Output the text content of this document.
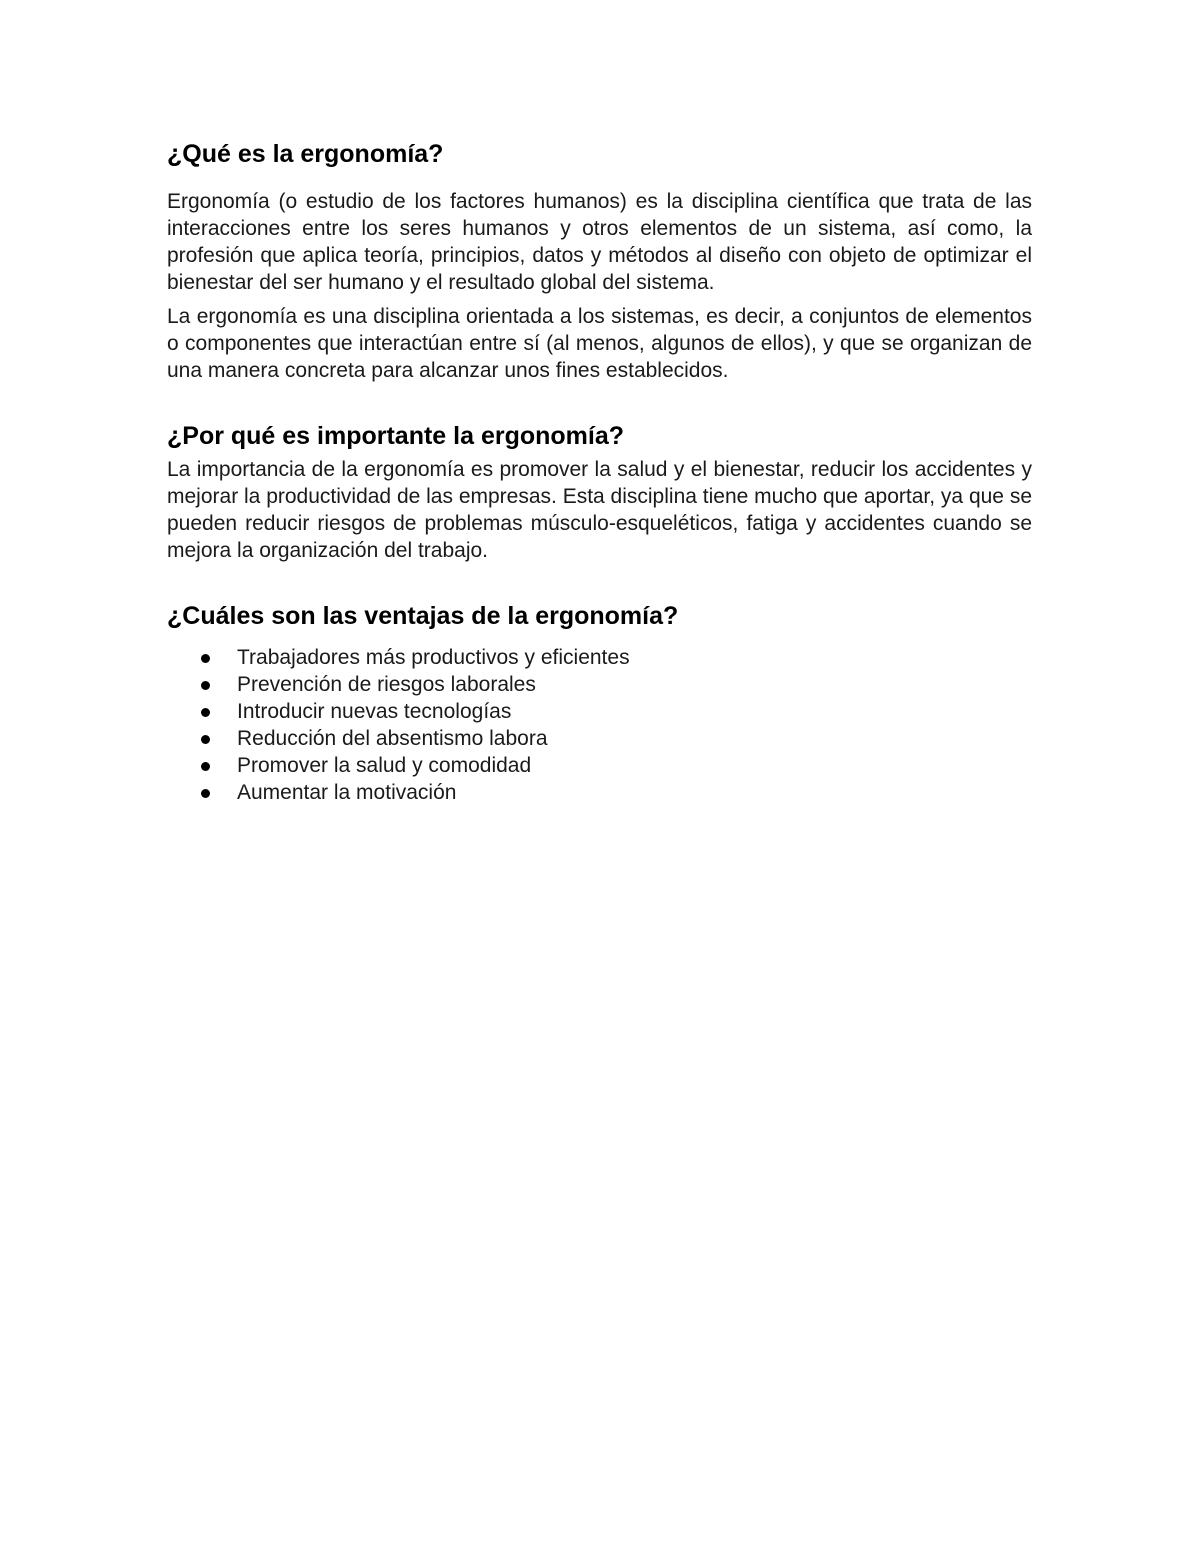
¿Qué es la ergonomía?

Ergonomía (o estudio de los factores humanos) es la disciplina científica que trata de las interacciones entre los seres humanos y otros elementos de un sistema, así como, la profesión que aplica teoría, principios, datos y métodos al diseño con objeto de optimizar el bienestar del ser humano y el resultado global del sistema.

La ergonomía es una disciplina orientada a los sistemas, es decir, a conjuntos de elementos o componentes que interactúan entre sí (al menos, algunos de ellos), y que se organizan de una manera concreta para alcanzar unos fines establecidos.

¿Por qué es importante la ergonomía?

La importancia de la ergonomía es promover la salud y el bienestar, reducir los accidentes y mejorar la productividad de las empresas. Esta disciplina tiene mucho que aportar, ya que se pueden reducir riesgos de problemas músculo-esqueléticos, fatiga y accidentes cuando se mejora la organización del trabajo.

¿Cuáles son las ventajas de la ergonomía?
Trabajadores más productivos y eficientes
Prevención de riesgos laborales
Introducir nuevas tecnologías
Reducción del absentismo labora
Promover la salud y comodidad
Aumentar la motivación
